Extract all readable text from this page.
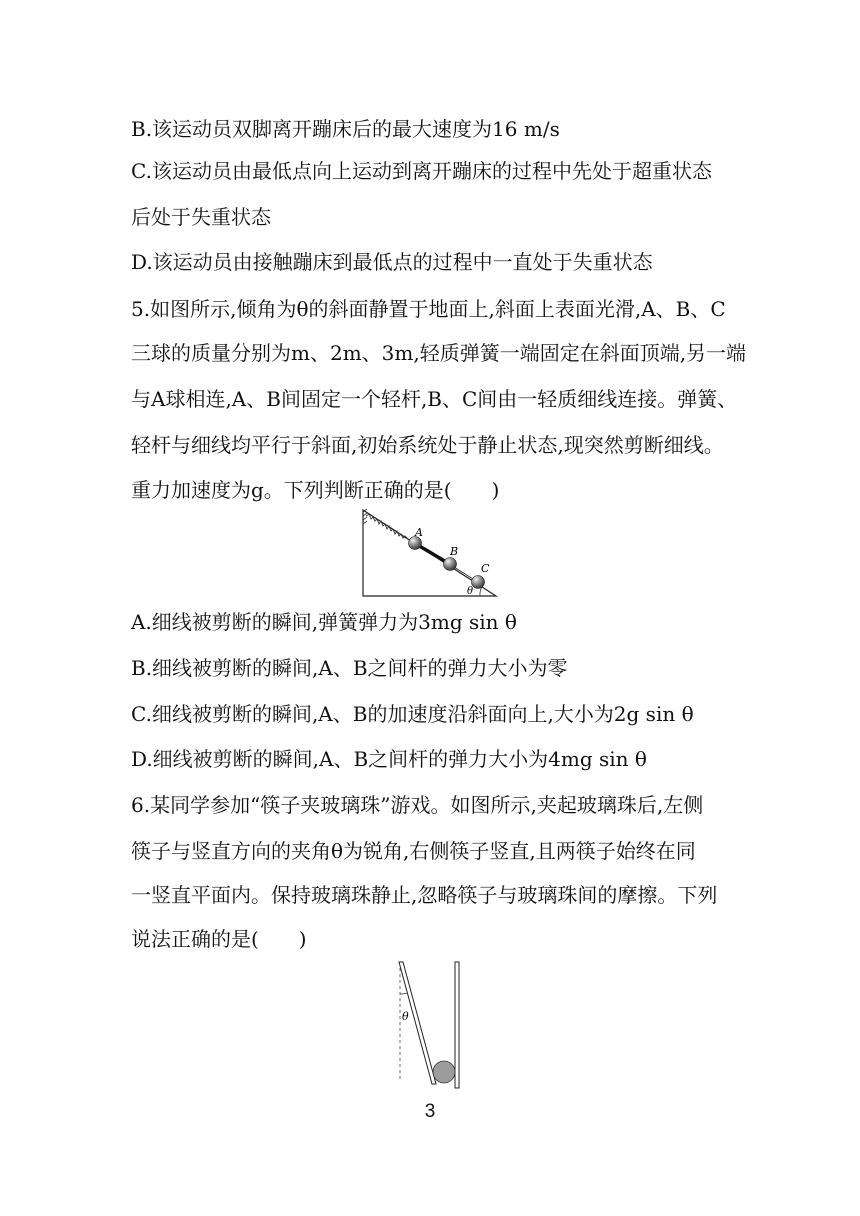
B.该运动员双脚离开蹦床后的最大速度为16 m/s
C.该运动员由最低点向上运动到离开蹦床的过程中先处于超重状态
后处于失重状态
D.该运动员由接触蹦床到最低点的过程中一直处于失重状态
5.如图所示,倾角为θ的斜面静置于地面上,斜面上表面光滑,A、B、C
三球的质量分别为m、2m、3m,轻质弹簧一端固定在斜面顶端,另一端
与A球相连,A、B间固定一个轻杆,B、C间由一轻质细线连接。弹簧、
轻杆与细线均平行于斜面,初始系统处于静止状态,现突然剪断细线。
重力加速度为g。下列判断正确的是(　　)
A.细线被剪断的瞬间,弹簧弹力为3mg sin θ
B.细线被剪断的瞬间,A、B之间杆的弹力大小为零
C.细线被剪断的瞬间,A、B的加速度沿斜面向上,大小为2g sin θ
D.细线被剪断的瞬间,A、B之间杆的弹力大小为4mg sin θ
6.某同学参加“筷子夹玻璃珠”游戏。如图所示,夹起玻璃珠后,左侧
筷子与竖直方向的夹角θ为锐角,右侧筷子竖直,且两筷子始终在同
一竖直平面内。保持玻璃珠静止,忽略筷子与玻璃珠间的摩擦。下列
说法正确的是(　　)
A
B
C
θ
θ
3
